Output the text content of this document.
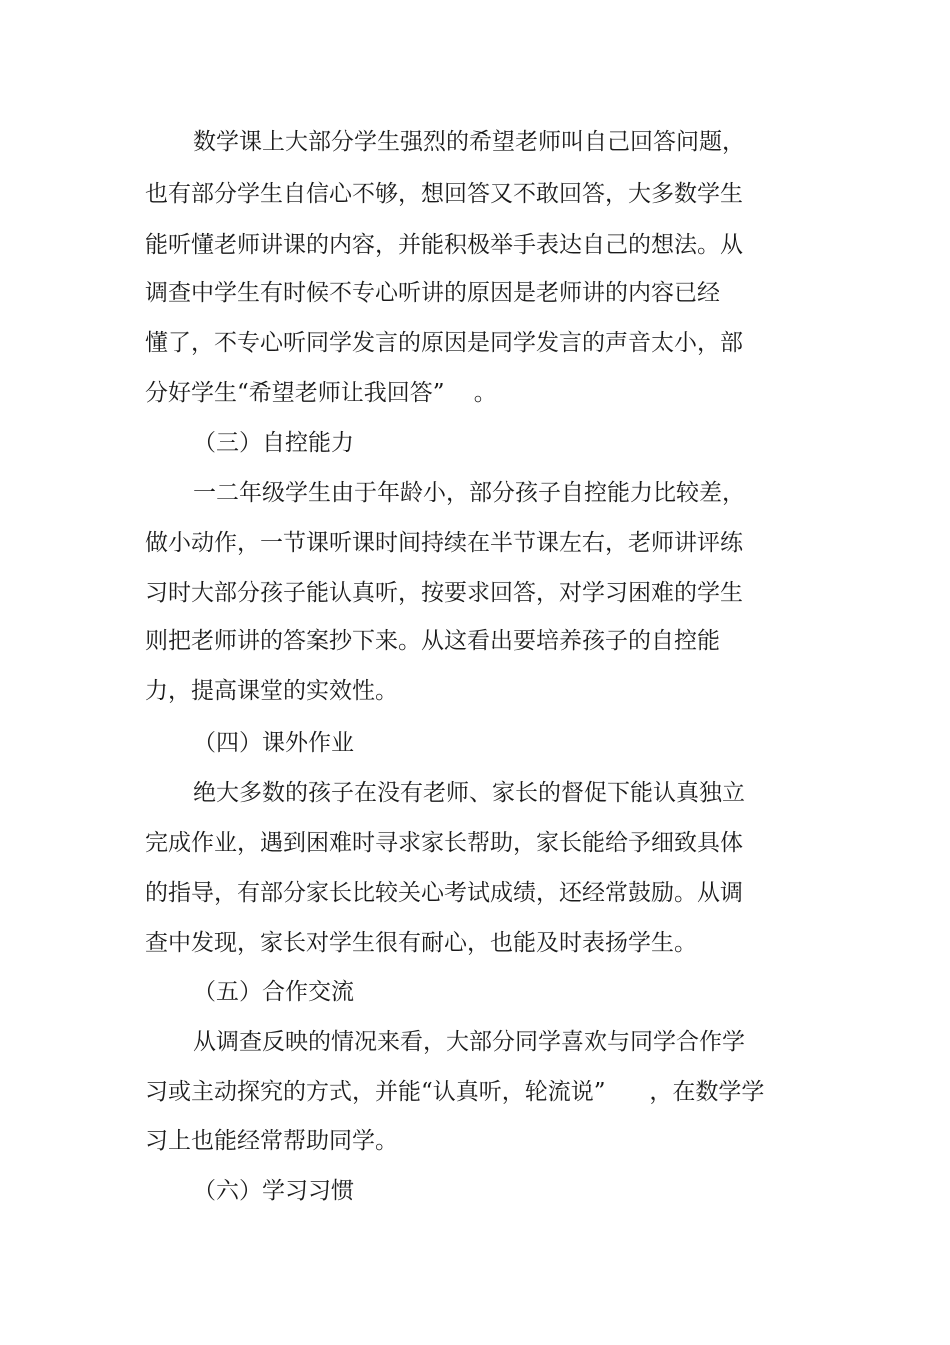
数学课上大部分学生强烈的希望老师叫自己回答问题，
也有部分学生自信心不够，想回答又不敢回答，大多数学生
能听懂老师讲课的内容，并能积极举手表达自己的想法。从
调查中学生有时候不专心听讲的原因是老师讲的内容已经
懂了，不专心听同学发言的原因是同学发言的声音太小，部
分好学生“希望老师让我回答”    。
（三）自控能力
一二年级学生由于年龄小，部分孩子自控能力比较差，
做小动作，一节课听课时间持续在半节课左右，老师讲评练
习时大部分孩子能认真听，按要求回答，对学习困难的学生
则把老师讲的答案抄下来。从这看出要培养孩子的自控能
力，提高课堂的实效性。
（四）课外作业
绝大多数的孩子在没有老师、家长的督促下能认真独立
完成作业，遇到困难时寻求家长帮助，家长能给予细致具体
的指导，有部分家长比较关心考试成绩，还经常鼓励。从调
查中发现，家长对学生很有耐心，也能及时表扬学生。
（五）合作交流
从调查反映的情况来看，大部分同学喜欢与同学合作学
习或主动探究的方式，并能“认真听，轮流说”      ，在数学学
习上也能经常帮助同学。
（六）学习习惯
